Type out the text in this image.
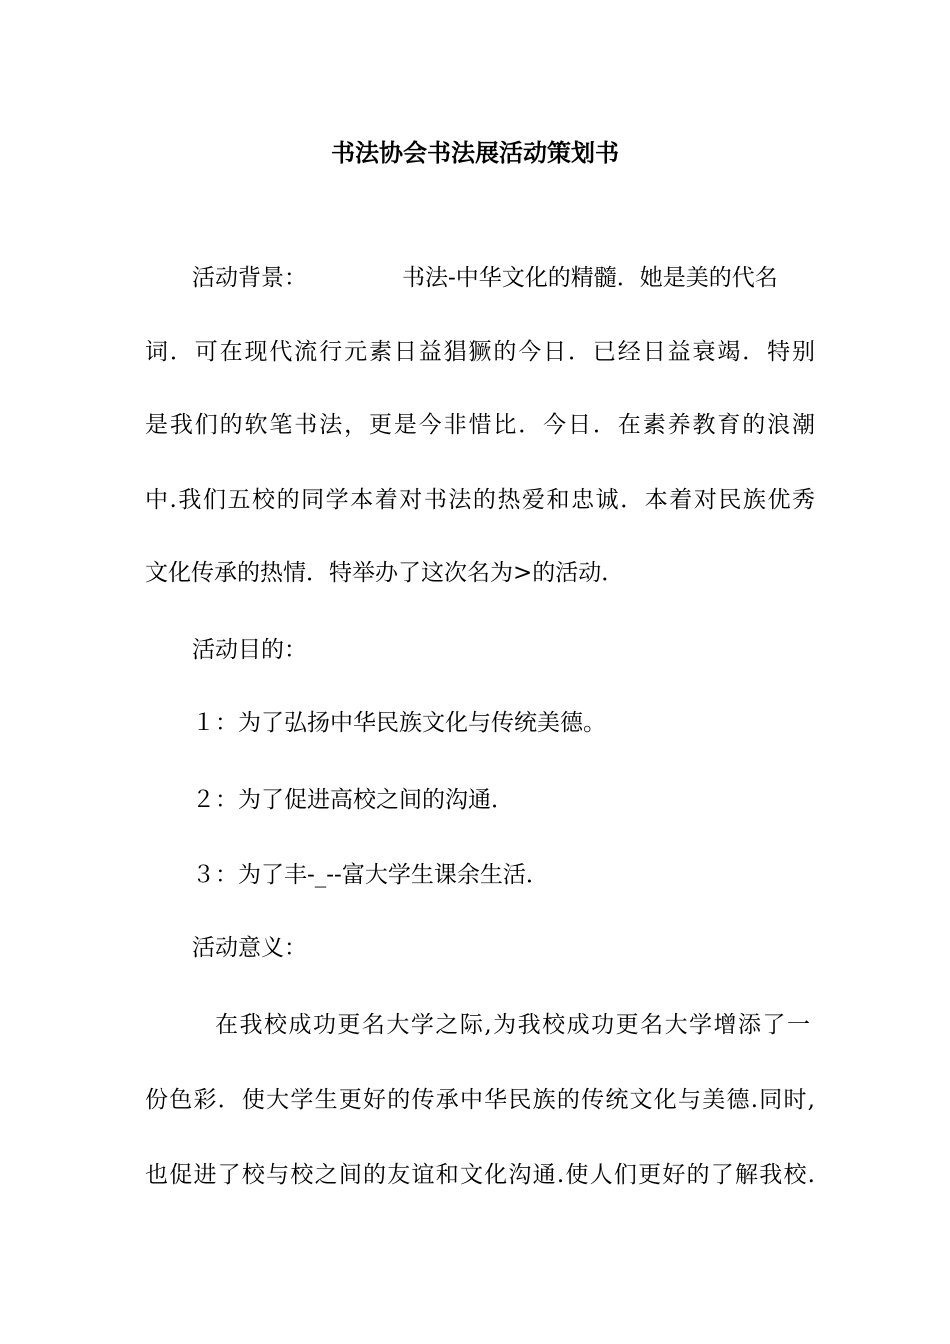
书法协会书法展活动策划书
活动背景：	书法-中华文化的精髓．她是美的代名
词．可在现代流行元素日益猖獗的今日．已经日益衰竭．特别
是我们的软笔书法，更是今非惜比．今日．在素养教育的浪潮
中.我们五校的同学本着对书法的热爱和忠诚．本着对民族优秀
文化传承的热情．特举办了这次名为>的活动．
活动目的：
１：为了弘扬中华民族文化与传统美德。
２：为了促进高校之间的沟通．
３：为了丰-_--富大学生课余生活．
活动意义：
在我校成功更名大学之际,为我校成功更名大学增添了一
份色彩．使大学生更好的传承中华民族的传统文化与美德.同时,
也促进了校与校之间的友谊和文化沟通.使人们更好的了解我校.
